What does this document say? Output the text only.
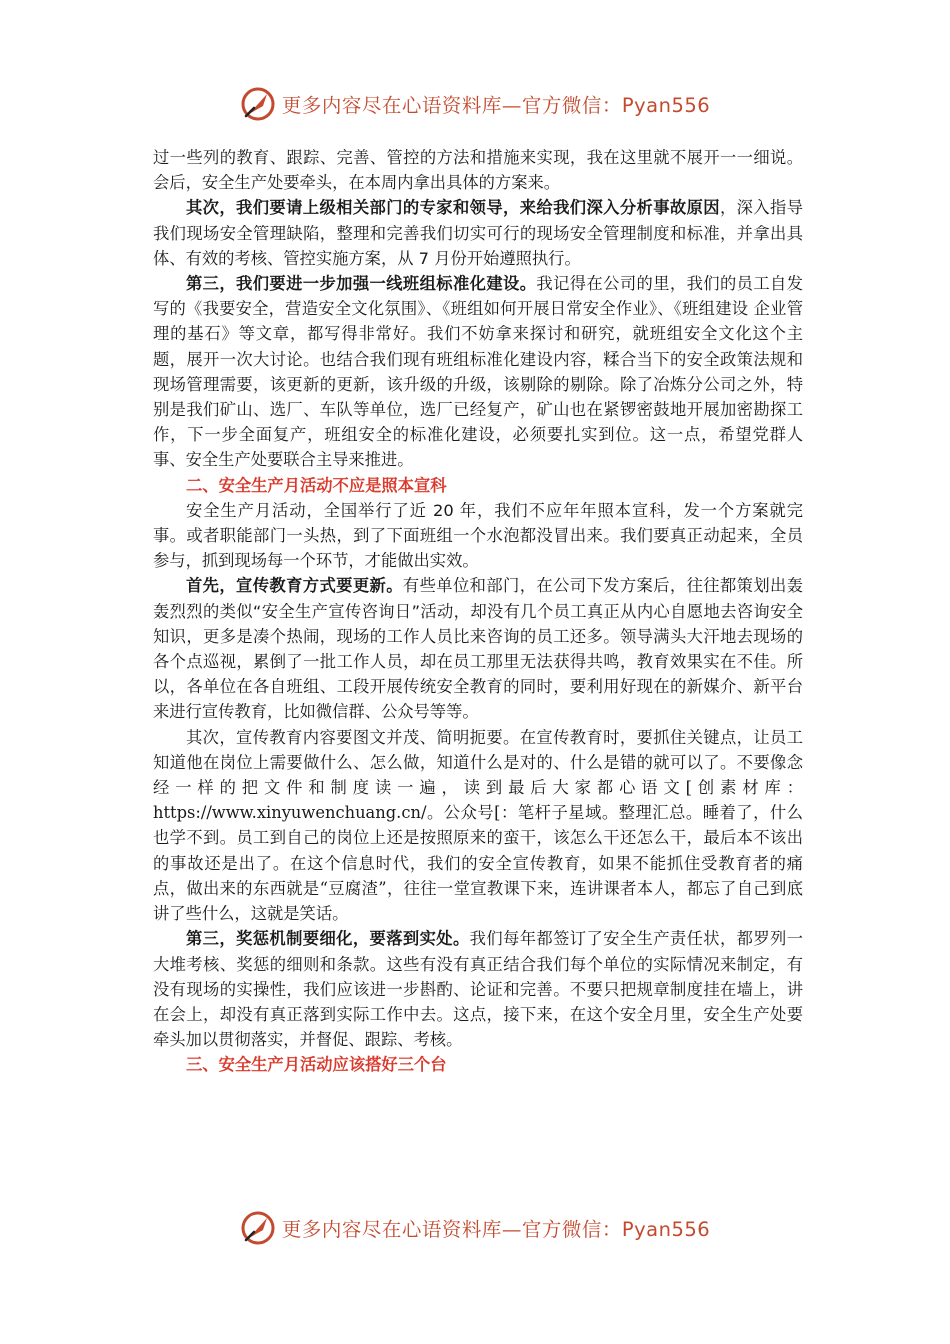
更多内容尽在心语资料库—官方微信：Pyan556

过一些列的教育、跟踪、完善、管控的方法和措施来实现，我在这里就不展开一一细说。会后，安全生产处要牵头，在本周内拿出具体的方案来。

其次，我们要请上级相关部门的专家和领导，来给我们深入分析事故原因，深入指导我们现场安全管理缺陷，整理和完善我们切实可行的现场安全管理制度和标准，并拿出具体、有效的考核、管控实施方案，从 7 月份开始遵照执行。

第三，我们要进一步加强一线班组标准化建设。我记得在公司的里，我们的员工自发写的《我要安全，营造安全文化氛围》、《班组如何开展日常安全作业》、《班组建设 企业管理的基石》等文章，都写得非常好。我们不妨拿来探讨和研究，就班组安全文化这个主题，展开一次大讨论。也结合我们现有班组标准化建设内容，糅合当下的安全政策法规和现场管理需要，该更新的更新，该升级的升级，该剔除的剔除。除了冶炼分公司之外，特别是我们矿山、选厂、车队等单位，选厂已经复产，矿山也在紧锣密鼓地开展加密勘探工作，下一步全面复产，班组安全的标准化建设，必须要扎实到位。这一点，希望党群人事、安全生产处要联合主导来推进。

二、安全生产月活动不应是照本宣科

安全生产月活动，全国举行了近 20 年，我们不应年年照本宣科，发一个方案就完事。或者职能部门一头热，到了下面班组一个水泡都没冒出来。我们要真正动起来，全员参与，抓到现场每一个环节，才能做出实效。

首先，宣传教育方式要更新。有些单位和部门，在公司下发方案后，往往都策划出轰轰烈烈的类似“安全生产宣传咨询日”活动，却没有几个员工真正从内心自愿地去咨询安全知识，更多是凑个热闹，现场的工作人员比来咨询的员工还多。领导满头大汗地去现场的各个点巡视，累倒了一批工作人员，却在员工那里无法获得共鸣，教育效果实在不佳。所以，各单位在各自班组、工段开展传统安全教育的同时，要利用好现在的新媒介、新平台来进行宣传教育，比如微信群、公众号等等。

其次，宣传教育内容要图文并茂、简明扼要。在宣传教育时，要抓住关键点，让员工知道他在岗位上需要做什么、怎么做，知道什么是对的、什么是错的就可以了。不要像念经一样的把文件和制度读一遍，读到最后大家都心语文[创素材库：https://www.xinyuwenchuang.cn/。公众号[：笔杆子星域。整理汇总。睡着了，什么也学不到。员工到自己的岗位上还是按照原来的蛮干，该怎么干还怎么干，最后本不该出的事故还是出了。在这个信息时代，我们的安全宣传教育，如果不能抓住受教育者的痛点，做出来的东西就是“豆腐渣”，往往一堂宣教课下来，连讲课者本人，都忘了自己到底讲了些什么，这就是笑话。

第三，奖惩机制要细化，要落到实处。我们每年都签订了安全生产责任状，都罗列一大堆考核、奖惩的细则和条款。这些有没有真正结合我们每个单位的实际情况来制定，有没有现场的实操性，我们应该进一步斟酌、论证和完善。不要只把规章制度挂在墙上，讲在会上，却没有真正落到实际工作中去。这点，接下来，在这个安全月里，安全生产处要牵头加以贯彻落实，并督促、跟踪、考核。

三、安全生产月活动应该搭好三个台

更多内容尽在心语资料库—官方微信：Pyan556
